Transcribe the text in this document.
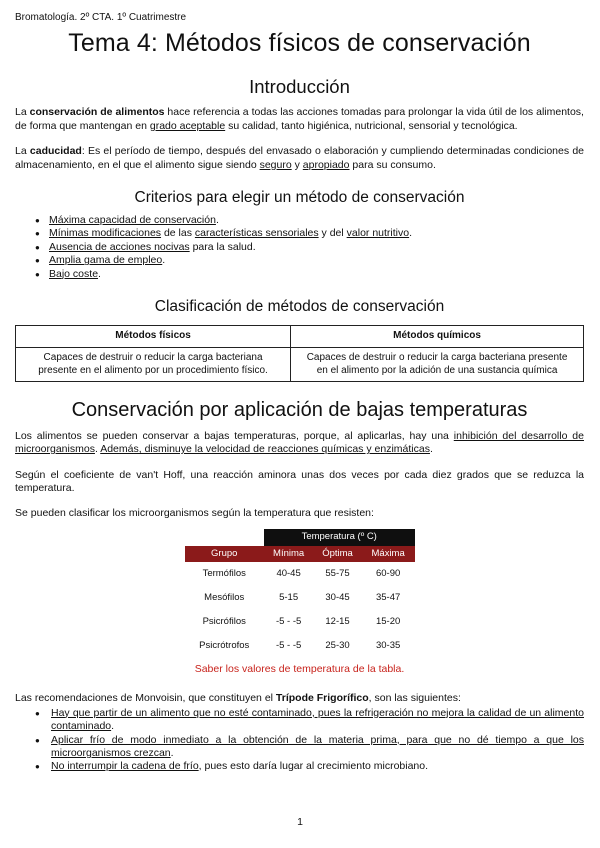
Bromatología. 2º CTA. 1º Cuatrimestre
Tema 4: Métodos físicos de conservación
Introducción

La conservación de alimentos hace referencia a todas las acciones tomadas para prolongar la vida útil de los alimentos, de forma que mantengan en grado aceptable su calidad, tanto higiénica, nutricional, sensorial y tecnológica.

La caducidad: Es el período de tiempo, después del envasado o elaboración y cumpliendo determinadas condiciones de almacenamiento, en el que el alimento sigue siendo seguro y apropiado para su consumo.

Criterios para elegir un método de conservación
● Máxima capacidad de conservación.
● Mínimas modificaciones de las características sensoriales y del valor nutritivo.
● Ausencia de acciones nocivas para la salud.
● Amplia gama de empleo.
● Bajo coste.
Clasificación de métodos de conservación
Métodos físicos	Métodos químicos
Capaces de destruir o reducir la carga bacteriana presente en el alimento por un procedimiento físico.	Capaces de destruir o reducir la carga bacteriana presente en el alimento por la adición de una sustancia química
Conservación por aplicación de bajas temperaturas

Los alimentos se pueden conservar a bajas temperaturas, porque, al aplicarlas, hay una inhibición del desarrollo de microorganismos. Además, disminuye la velocidad de reacciones químicas y enzimáticas.

Según el coeficiente de van't Hoff, una reacción aminora unas dos veces por cada diez grados que se reduzca la temperatura.

Se pueden clasificar los microorganismos según la temperatura que resisten:

	Temperatura (º C)		
Grupo	Mínima	Óptima	Máxima
Termófilos	40-45	55-75	60-90
Mesófilos	5-15	30-45	35-47
Psicrófilos	-5 - -5	12-15	15-20
Psicrótrofos	-5 - -5	25-30	30-35
Saber los valores de temperatura de la tabla.

Las recomendaciones de Monvoisin, que constituyen el Trípode Frigorífico, son las siguientes:

● Hay que partir de un alimento que no esté contaminado, pues la refrigeración no mejora la calidad de un alimento contaminado.
● Aplicar frío de modo inmediato a la obtención de la materia prima, para que no dé tiempo a que los microorganismos crezcan.
● No interrumpir la cadena de frío, pues esto daría lugar al crecimiento microbiano.
1
